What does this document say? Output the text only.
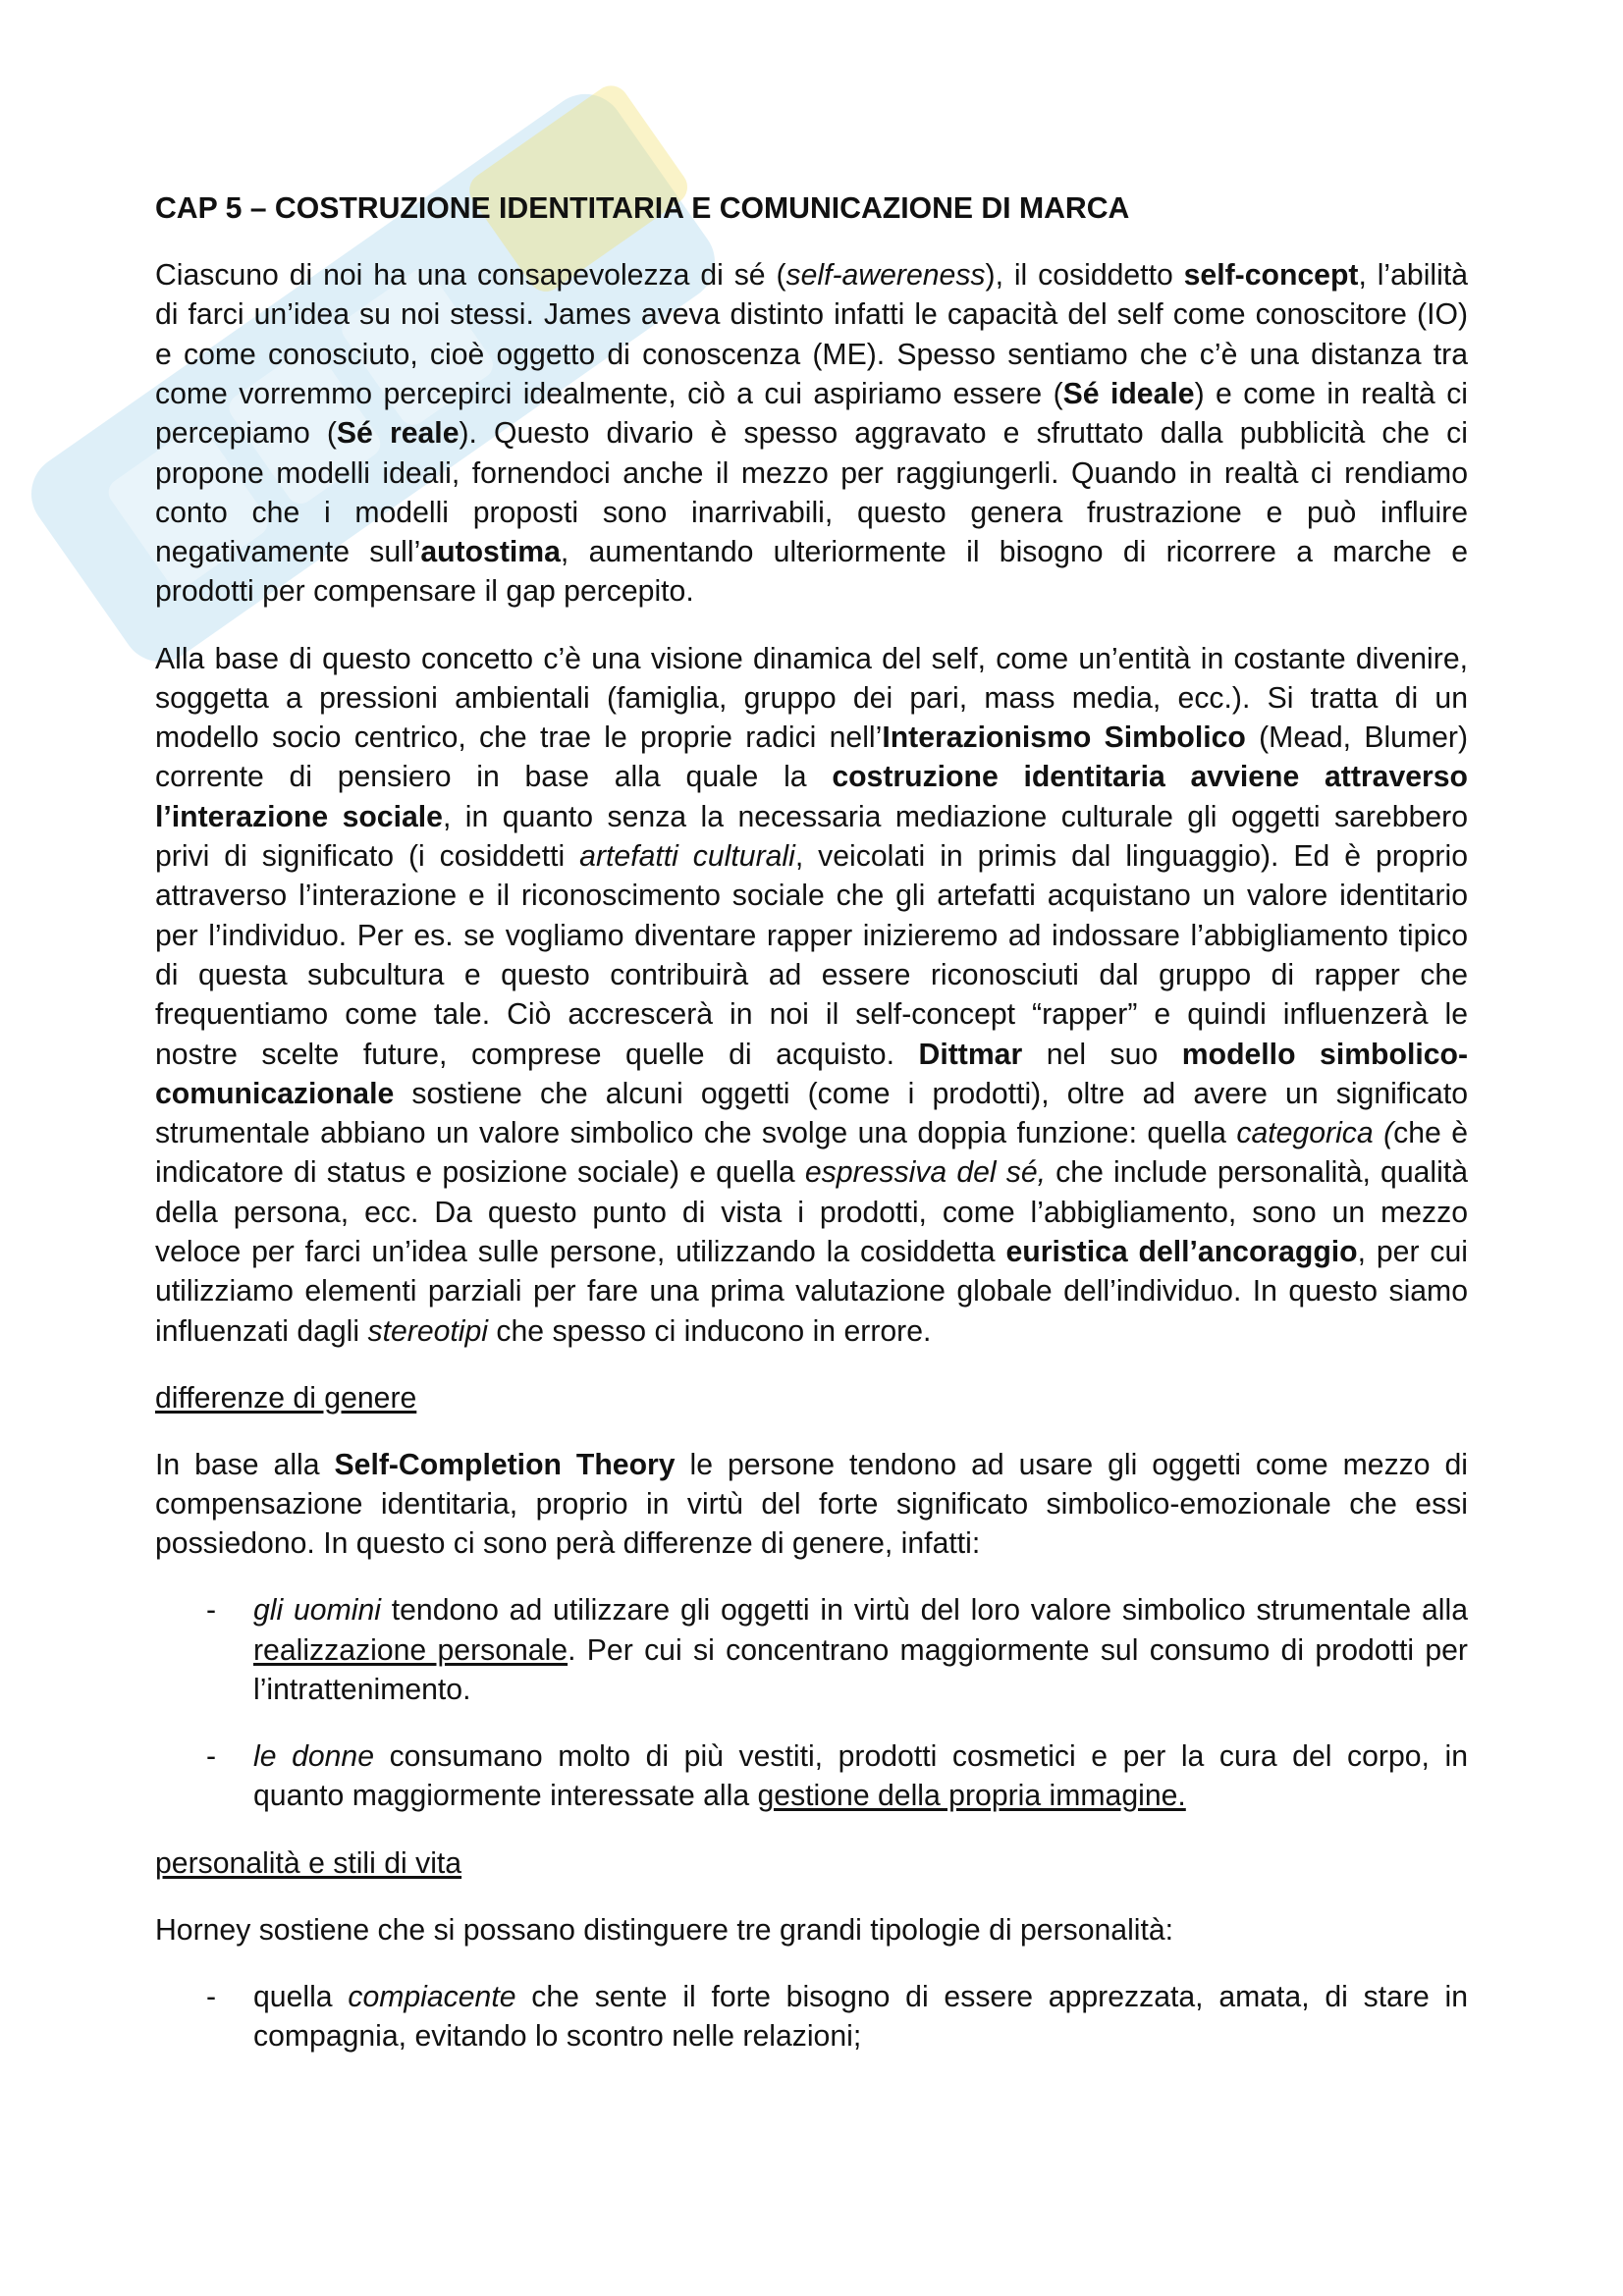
CAP 5 – COSTRUZIONE IDENTITARIA E COMUNICAZIONE DI MARCA
Ciascuno di noi ha una consapevolezza di sé (self-awereness), il cosiddetto self-concept, l’abilità
di farci un’idea su noi stessi. James aveva distinto infatti le capacità del self come conoscitore (IO)
e come conosciuto, cioè oggetto di conoscenza (ME). Spesso sentiamo che c’è una distanza tra
come vorremmo percepirci idealmente, ciò a cui aspiriamo essere (Sé ideale) e come in realtà ci
percepiamo (Sé reale). Questo divario è spesso aggravato e sfruttato dalla pubblicità che ci
propone modelli ideali, fornendoci anche il mezzo per raggiungerli. Quando in realtà ci rendiamo
conto che i modelli proposti sono inarrivabili, questo genera frustrazione e può influire
negativamente sull’autostima, aumentando ulteriormente il bisogno di ricorrere a marche e
prodotti per compensare il gap percepito.
Alla base di questo concetto c’è una visione dinamica del self, come un’entità in costante divenire,
soggetta a pressioni ambientali (famiglia, gruppo dei pari, mass media, ecc.). Si tratta di un
modello socio centrico, che trae le proprie radici nell’Interazionismo Simbolico (Mead, Blumer)
corrente di pensiero in base alla quale la costruzione identitaria avviene attraverso
l’interazione sociale, in quanto senza la necessaria mediazione culturale gli oggetti sarebbero
privi di significato (i cosiddetti artefatti culturali, veicolati in primis dal linguaggio). Ed è proprio
attraverso l’interazione e il riconoscimento sociale che gli artefatti acquistano un valore identitario
per l’individuo. Per es. se vogliamo diventare rapper inizieremo ad indossare l’abbigliamento tipico
di questa subcultura e questo contribuirà ad essere riconosciuti dal gruppo di rapper che
frequentiamo come tale. Ciò accrescerà in noi il self-concept “rapper” e quindi influenzerà le
nostre scelte future, comprese quelle di acquisto. Dittmar nel suo modello simbolico-
comunicazionale sostiene che alcuni oggetti (come i prodotti), oltre ad avere un significato
strumentale abbiano un valore simbolico che svolge una doppia funzione: quella categorica (che è
indicatore di status e posizione sociale) e quella espressiva del sé, che include personalità, qualità
della persona, ecc. Da questo punto di vista i prodotti, come l’abbigliamento, sono un mezzo
veloce per farci un’idea sulle persone, utilizzando la cosiddetta euristica dell’ancoraggio, per cui
utilizziamo elementi parziali per fare una prima valutazione globale dell’individuo. In questo siamo
influenzati dagli stereotipi che spesso ci inducono in errore.
differenze di genere
In base alla Self-Completion Theory le persone tendono ad usare gli oggetti come mezzo di
compensazione identitaria, proprio in virtù del forte significato simbolico-emozionale che essi
possiedono. In questo ci sono perà differenze di genere, infatti:
- gli uomini tendono ad utilizzare gli oggetti in virtù del loro valore simbolico strumentale alla
realizzazione personale. Per cui si concentrano maggiormente sul consumo di prodotti per
l’intrattenimento.
- le donne consumano molto di più vestiti, prodotti cosmetici e per la cura del corpo, in
quanto maggiormente interessate alla gestione della propria immagine.
personalità e stili di vita
Horney sostiene che si possano distinguere tre grandi tipologie di personalità:
- quella compiacente che sente il forte bisogno di essere apprezzata, amata, di stare in
compagnia, evitando lo scontro nelle relazioni;
